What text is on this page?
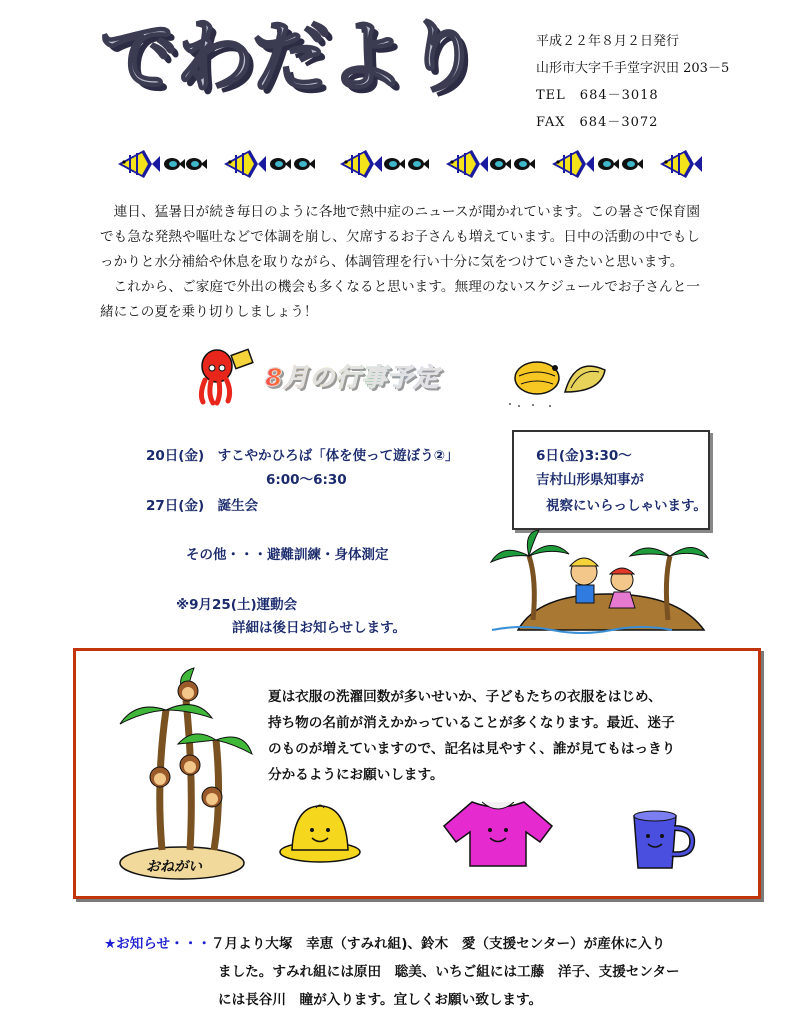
でわだより	平成２２年８月２日発行
山形市大字千手堂字沢田 203－5
TEL　684－3018
FAX　684－3072

連日、猛暑日が続き毎日のように各地で熱中症のニュースが聞かれています。この暑さで保育園でも急な発熱や嘔吐などで体調を崩し、欠席するお子さんも増えています。日中の活動の中でもしっかりと水分補給や休息を取りながら、体調管理を行い十分に気をつけていきたいと思います。

これから、ご家庭で外出の機会も多くなると思います。無理のないスケジュールでお子さんと一緒にこの夏を乗り切りしましょう！

8月の行事予定
20日(金)　すこやかひろば「体を使って遊ぼう②」
6:00～6:30
27日(金)　誕生会
その他・・・避難訓練・身体測定
※9月25(土)運動会
詳細は後日お知らせします。
6日(金)3:30～
吉村山形県知事が
視察にいらっしゃいます。
おねがい
夏は衣服の洗濯回数が多いせいか、子どもたちの衣服をはじめ、
持ち物の名前が消えかかっていることが多くなります。最近、迷子
のものが増えていますので、記名は見やすく、誰が見てもはっきり
分かるようにお願いします。
★お知らせ・・・７月より大塚　幸恵（すみれ組)、鈴木　愛（支援センター）が産休に入り
ました。すみれ組には原田　聡美、いちご組には工藤　洋子、支援センター
には長谷川　瞳が入ります。宜しくお願い致します。
